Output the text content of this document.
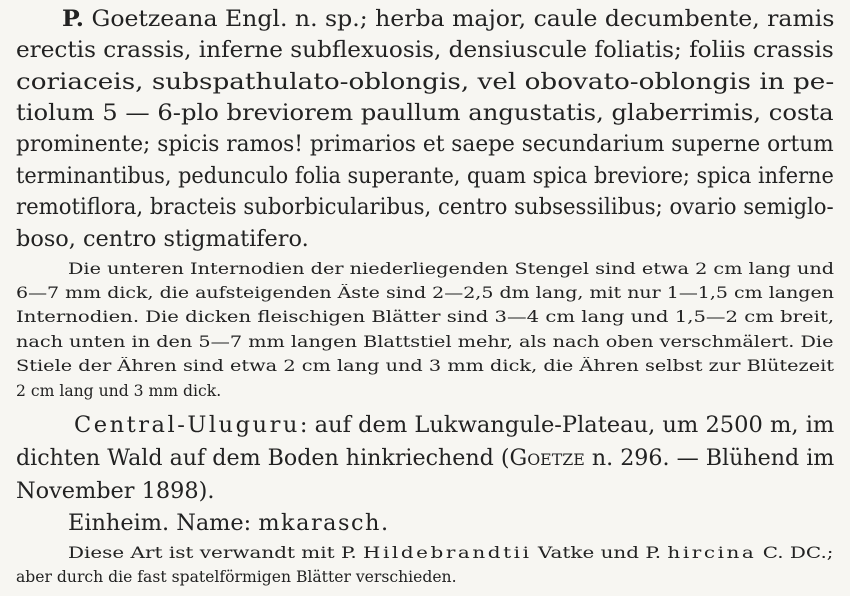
P. Goetzeana Engl. n. sp.; herba major, caule decumbente, ramis
erectis crassis, inferne subflexuosis, densiuscule foliatis; foliis crassis
coriaceis, subspathulato-oblongis, vel obovato-oblongis in pe-
tiolum 5 — 6-plo breviorem paullum angustatis, glaberrimis, costa
prominente; spicis ramos! primarios et saepe secundarium superne ortum
terminantibus, pedunculo folia superante, quam spica breviore; spica inferne
remotiflora, bracteis suborbicularibus, centro subsessilibus; ovario semiglo-
boso, centro stigmatifero.
Die unteren Internodien der niederliegenden Stengel sind etwa 2 cm lang und
6—7 mm dick, die aufsteigenden Äste sind 2—2,5 dm lang, mit nur 1—1,5 cm langen
Internodien. Die dicken fleischigen Blätter sind 3—4 cm lang und 1,5—2 cm breit,
nach unten in den 5—7 mm langen Blattstiel mehr, als nach oben verschmälert. Die
Stiele der Ähren sind etwa 2 cm lang und 3 mm dick, die Ähren selbst zur Blütezeit
2 cm lang und 3 mm dick.
Central-Uluguru: auf dem Lukwangule-Plateau, um 2500 m, im
dichten Wald auf dem Boden hinkriechend (Goetze n. 296. — Blühend im
November 1898).
Einheim. Name: mkarasch.
Diese Art ist verwandt mit P. Hildebrandtii Vatke und P. hircina C. DC.;
aber durch die fast spatelförmigen Blätter verschieden.
